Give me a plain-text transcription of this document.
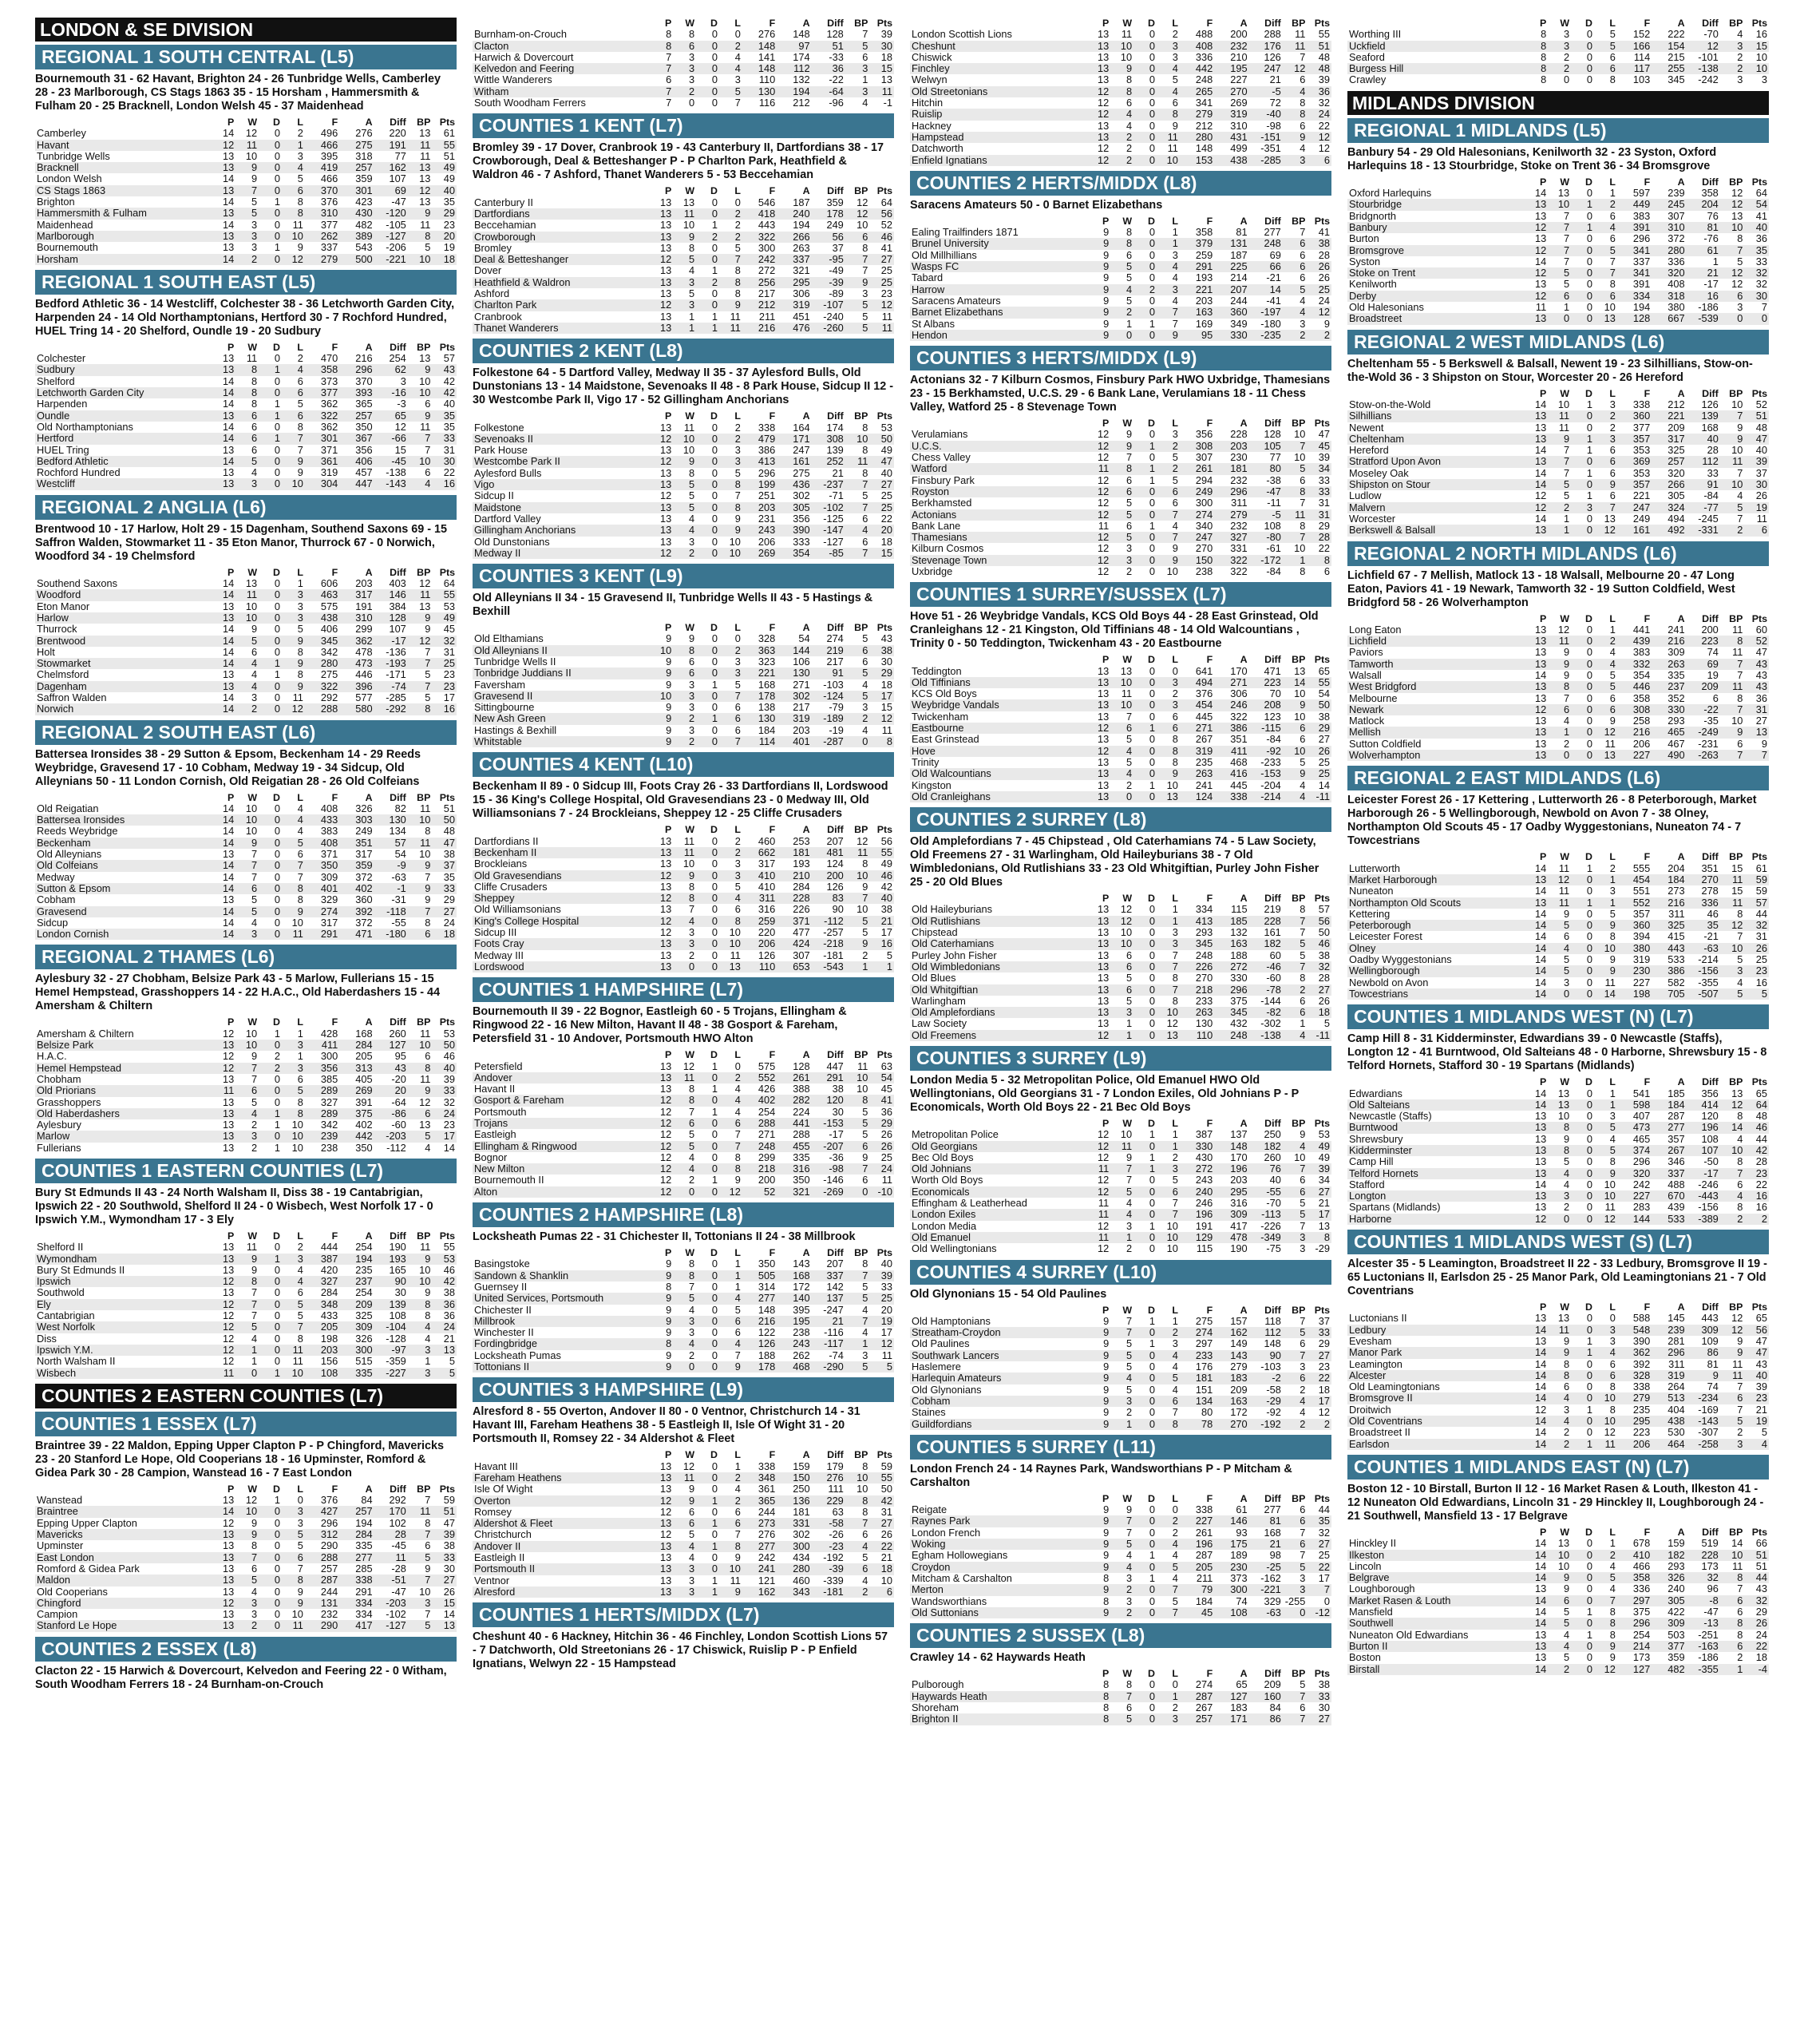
LONDON & SE DIVISION
REGIONAL 1 SOUTH CENTRAL (L5)
Bournemouth 31 - 62 Havant, Brighton 24 - 26 Tunbridge Wells, Camberley 28 - 23 Marlborough, CS Stags 1863 35 - 15 Horsham , Hammersmith & Fulham 20 - 25 Bracknell, London Welsh 45 - 37 Maidenhead
	P	W	D	L	F	A	Diff	BP	Pts
Camberley	14	12	0	2	496	276	220	13	61
Havant	12	11	0	1	466	275	191	11	55
Tunbridge Wells	13	10	0	3	395	318	77	11	51
Bracknell	13	9	0	4	419	257	162	13	49
London Welsh	14	9	0	5	466	359	107	13	49
CS Stags 1863	13	7	0	6	370	301	69	12	40
Brighton	14	5	1	8	376	423	-47	13	35
Hammersmith & Fulham	13	5	0	8	310	430	-120	9	29
Maidenhead	14	3	0	11	377	482	-105	11	23
Marlborough	13	3	0	10	262	389	-127	8	20
Bournemouth	13	3	1	9	337	543	-206	5	19
Horsham	14	2	0	12	279	500	-221	10	18
REGIONAL 1 SOUTH EAST (L5)
Bedford Athletic 36 - 14 Westcliff, Colchester 38 - 36 Letchworth Garden City, Harpenden 24 - 14 Old Northamptonians, Hertford 30 - 7 Rochford Hundred, HUEL Tring 14 - 20 Shelford, Oundle 19 - 20 Sudbury
	P	W	D	L	F	A	Diff	BP	Pts
Colchester	13	11	0	2	470	216	254	13	57
Sudbury	13	8	1	4	358	296	62	9	43
Shelford	14	8	0	6	373	370	3	10	42
Letchworth Garden City	14	8	0	6	377	393	-16	10	42
Harpenden	14	8	1	5	362	365	-3	6	40
Oundle	13	6	1	6	322	257	65	9	35
Old Northamptonians	14	6	0	8	362	350	12	11	35
Hertford	14	6	1	7	301	367	-66	7	33
HUEL Tring	13	6	0	7	371	356	15	7	31
Bedford Athletic	14	5	0	9	361	406	-45	10	30
Rochford Hundred	13	4	0	9	319	457	-138	6	22
Westcliff	13	3	0	10	304	447	-143	4	16
REGIONAL 2 ANGLIA (L6)
Brentwood 10 - 17 Harlow, Holt 29 - 15 Dagenham, Southend Saxons 69 - 15 Saffron Walden, Stowmarket 11 - 35 Eton Manor, Thurrock 67 - 0 Norwich, Woodford 34 - 19 Chelmsford
	P	W	D	L	F	A	Diff	BP	Pts
Southend Saxons	14	13	0	1	606	203	403	12	64
Woodford	14	11	0	3	463	317	146	11	55
Eton Manor	13	10	0	3	575	191	384	13	53
Harlow	13	10	0	3	438	310	128	9	49
Thurrock	14	9	0	5	406	299	107	9	45
Brentwood	14	5	0	9	345	362	-17	12	32
Holt	14	6	0	8	342	478	-136	7	31
Stowmarket	14	4	1	9	280	473	-193	7	25
Chelmsford	13	4	1	8	275	446	-171	5	23
Dagenham	13	4	0	9	322	396	-74	7	23
Saffron Walden	14	3	0	11	292	577	-285	5	17
Norwich	14	2	0	12	288	580	-292	8	16
REGIONAL 2 SOUTH EAST (L6)
Battersea Ironsides 38 - 29 Sutton & Epsom, Beckenham 14 - 29 Reeds Weybridge, Gravesend 17 - 10 Cobham, Medway 19 - 34 Sidcup, Old Alleynians 50 - 11 London Cornish, Old Reigatian 28 - 26 Old Colfeians
	P	W	D	L	F	A	Diff	BP	Pts
Old Reigatian	14	10	0	4	408	326	82	11	51
Battersea Ironsides	14	10	0	4	433	303	130	10	50
Reeds Weybridge	14	10	0	4	383	249	134	8	48
Beckenham	14	9	0	5	408	351	57	11	47
Old Alleynians	13	7	0	6	371	317	54	10	38
Old Colfeians	14	7	0	7	350	359	-9	9	37
Medway	14	7	0	7	309	372	-63	7	35
Sutton & Epsom	14	6	0	8	401	402	-1	9	33
Cobham	13	5	0	8	329	360	-31	9	29
Gravesend	14	5	0	9	274	392	-118	7	27
Sidcup	14	4	0	10	317	372	-55	8	24
London Cornish	14	3	0	11	291	471	-180	6	18
REGIONAL 2 THAMES (L6)
Aylesbury 32 - 27 Chobham, Belsize Park 43 - 5 Marlow, Fullerians 15 - 15 Hemel Hempstead, Grasshoppers 14 - 22 H.A.C., Old Haberdashers 15 - 44 Amersham & Chiltern
	P	W	D	L	F	A	Diff	BP	Pts
Amersham & Chiltern	12	10	1	1	428	168	260	11	53
Belsize Park	13	10	0	3	411	284	127	10	50
H.A.C.	12	9	2	1	300	205	95	6	46
Hemel Hempstead	12	7	2	3	356	313	43	8	40
Chobham	13	7	0	6	385	405	-20	11	39
Old Priorians	11	6	0	5	289	269	20	9	33
Grasshoppers	13	5	0	8	327	391	-64	12	32
Old Haberdashers	13	4	1	8	289	375	-86	6	24
Aylesbury	13	2	1	10	342	402	-60	13	23
Marlow	13	3	0	10	239	442	-203	5	17
Fullerians	13	2	1	10	238	350	-112	4	14
COUNTIES 1 EASTERN COUNTIES (L7)
Bury St Edmunds II 43 - 24 North Walsham II, Diss 38 - 19 Cantabrigian, Ipswich 22 - 20 Southwold, Shelford II 24 - 0 Wisbech, West Norfolk 17 - 0 Ipswich Y.M., Wymondham 17 - 3 Ely
	P	W	D	L	F	A	Diff	BP	Pts
Shelford II	13	11	0	2	444	254	190	11	55
Wymondham	13	9	1	3	387	194	193	9	53
Bury St Edmunds II	13	9	0	4	420	235	165	10	46
Ipswich	12	8	0	4	327	237	90	10	42
Southwold	13	7	0	6	284	254	30	9	38
Ely	12	7	0	5	348	209	139	8	36
Cantabrigian	12	7	0	5	433	325	108	8	36
West Norfolk	12	5	0	7	205	309	-104	4	24
Diss	12	4	0	8	198	326	-128	4	21
Ipswich Y.M.	12	1	0	11	203	300	-97	3	13
North Walsham II	12	1	0	11	156	515	-359	1	5
Wisbech	11	0	1	10	108	335	-227	3	5
COUNTIES 2 EASTERN COUNTIES (L7)
COUNTIES 1 ESSEX (L7)
Braintree 39 - 22 Maldon, Epping Upper Clapton P - P Chingford, Mavericks 23 - 20 Stanford Le Hope, Old Cooperians 18 - 16 Upminster, Romford & Gidea Park 30 - 28 Campion, Wanstead 16 - 7 East London
	P	W	D	L	F	A	Diff	BP	Pts
Wanstead	13	12	1	0	376	84	292	7	59
Braintree	14	10	0	3	427	257	170	11	51
Epping Upper Clapton	12	9	0	3	296	194	102	8	47
Mavericks	13	9	0	5	312	284	28	7	39
Upminster	13	8	0	5	290	335	-45	6	38
East London	13	7	0	6	288	277	11	5	33
Romford & Gidea Park	13	6	0	7	257	285	-28	9	30
Maldon	13	5	0	8	287	338	-51	7	27
Old Cooperians	13	4	0	9	244	291	-47	10	26
Chingford	12	3	0	9	131	334	-203	3	15
Campion	13	3	0	10	232	334	-102	7	14
Stanford Le Hope	13	2	0	11	290	417	-127	5	13
COUNTIES 2 ESSEX (L8)
Clacton 22 - 15 Harwich & Dovercourt, Kelvedon and Feering 22 - 0 Witham, South Woodham Ferrers 18 - 24 Burnham-on-Crouch
	P	W	D	L	F	A	Diff	BP	Pts
Burnham-on-Crouch	8	8	0	0	276	148	128	7	39
Clacton	8	6	0	2	148	97	51	5	30
Harwich & Dovercourt	7	3	0	4	141	174	-33	6	18
Kelvedon and Feering	7	3	0	4	148	112	36	3	15
Wittle Wanderers	6	3	0	3	110	132	-22	1	13
Witham	7	2	0	5	130	194	-64	3	11
South Woodham Ferrers	7	0	0	7	116	212	-96	4	-1
COUNTIES 1 KENT (L7)
Bromley 39 - 17 Dover, Cranbrook 19 - 43 Canterbury II, Dartfordians 38 - 17 Crowborough, Deal & Betteshanger P - P Charlton Park, Heathfield & Waldron 46 - 7 Ashford, Thanet Wanderers 5 - 53 Beccehamian
	P	W	D	L	F	A	Diff	BP	Pts
Canterbury II	13	13	0	0	546	187	359	12	64
Dartfordians	13	11	0	2	418	240	178	12	56
Beccehamian	13	10	1	2	443	194	249	10	52
Crowborough	13	9	2	2	322	266	56	6	46
Bromley	13	8	0	5	300	263	37	8	41
Deal & Betteshanger	12	5	0	7	242	337	-95	7	27
Dover	13	4	1	8	272	321	-49	7	25
Heathfield & Waldron	13	3	2	8	256	295	-39	9	25
Ashford	13	5	0	8	217	306	-89	3	23
Charlton Park	12	3	0	9	212	319	-107	5	12
Cranbrook	13	1	1	11	211	451	-240	5	11
Thanet Wanderers	13	1	1	11	216	476	-260	5	11
COUNTIES 2 KENT (L8)
Folkestone 64 - 5 Dartford Valley, Medway II 35 - 37 Aylesford Bulls, Old Dunstonians 13 - 14 Maidstone, Sevenoaks II 48 - 8 Park House, Sidcup II 12 - 30 Westcombe Park II, Vigo 17 - 52 Gillingham Anchorians
	P	W	D	L	F	A	Diff	BP	Pts
Folkestone	13	11	0	2	338	164	174	8	53
Sevenoaks II	12	10	0	2	479	171	308	10	50
Park House	13	10	0	3	386	247	139	8	49
Westcombe Park II	12	9	0	3	413	161	252	11	47
Aylesford Bulls	13	8	0	5	296	275	21	8	40
Vigo	13	5	0	8	199	436	-237	7	27
Sidcup II	12	5	0	7	251	302	-71	5	25
Maidstone	13	5	0	8	203	305	-102	7	25
Dartford Valley	13	4	0	9	231	356	-125	6	22
Gillingham Anchorians	13	4	0	9	243	390	-147	4	20
Old Dunstonians	13	3	0	10	206	333	-127	6	18
Medway II	12	2	0	10	269	354	-85	7	15
COUNTIES 3 KENT (L9)
Old Alleynians II 34 - 15 Gravesend II, Tunbridge Wells II 43 - 5 Hastings & Bexhill
	P	W	D	L	F	A	Diff	BP	Pts
Old Elthamians	9	9	0	0	328	54	274	5	43
Old Alleynians II	10	8	0	2	363	144	219	6	38
Tunbridge Wells II	9	6	0	3	323	106	217	6	30
Tonbridge Juddians II	9	6	0	3	221	130	91	5	29
Faversham	9	3	1	5	168	271	-103	4	18
Gravesend II	10	3	0	7	178	302	-124	5	17
Sittingbourne	9	3	0	6	138	217	-79	3	15
New Ash Green	9	2	1	6	130	319	-189	2	12
Hastings & Bexhill	9	3	0	6	184	203	-19	4	11
Whitstable	9	2	0	7	114	401	-287	0	8
COUNTIES 4 KENT (L10)
Beckenham II 89 - 0 Sidcup III, Foots Cray 26 - 33 Dartfordians II, Lordswood 15 - 36 King's College Hospital, Old Gravesendians 23 - 0 Medway III, Old Williamsonians 7 - 24 Brockleians, Sheppey 12 - 25 Cliffe Crusaders
	P	W	D	L	F	A	Diff	BP	Pts
Dartfordians II	13	11	0	2	460	253	207	12	56
Beckenham II	13	11	0	2	662	181	481	11	55
Brockleians	13	10	0	3	317	193	124	8	49
Old Gravesendians	12	9	0	3	410	210	200	10	46
Cliffe Crusaders	13	8	0	5	410	284	126	9	42
Sheppey	12	8	0	4	311	228	83	7	40
Old Williamsonians	13	7	0	6	316	226	90	10	38
King's College Hospital	12	4	0	8	259	371	-112	5	21
Sidcup III	12	3	0	10	220	477	-257	5	17
Foots Cray	13	3	0	10	206	424	-218	9	16
Medway III	13	2	0	11	126	307	-181	2	5
Lordswood	13	0	0	13	110	653	-543	1	1
COUNTIES 1 HAMPSHIRE (L7)
Bournemouth II 39 - 22 Bognor, Eastleigh 60 - 5 Trojans, Ellingham & Ringwood 22 - 16 New Milton, Havant II 48 - 38 Gosport & Fareham, Petersfield 31 - 10 Andover, Portsmouth HWO Alton
	P	W	D	L	F	A	Diff	BP	Pts
Petersfield	13	12	1	0	575	128	447	11	63
Andover	13	11	0	2	552	261	291	10	54
Havant II	13	8	1	4	426	388	38	10	45
Gosport & Fareham	12	8	0	4	402	282	120	8	41
Portsmouth	12	7	1	4	254	224	30	5	36
Trojans	12	6	0	6	288	441	-153	5	29
Eastleigh	12	5	0	7	271	288	-17	5	26
Ellingham & Ringwood	12	5	0	7	248	455	-207	6	26
Bognor	12	4	0	8	299	335	-36	9	25
New Milton	12	4	0	8	218	316	-98	7	24
Bournemouth II	12	2	1	9	200	350	-146	6	11
Alton	12	0	0	12	52	321	-269	0	-10
COUNTIES 2 HAMPSHIRE (L8)
Locksheath Pumas 22 - 31 Chichester II, Tottonians II 24 - 38 Millbrook
	P	W	D	L	F	A	Diff	BP	Pts
Basingstoke	9	8	0	1	350	143	207	8	40
Sandown & Shanklin	9	8	0	1	505	168	337	7	39
Guernsey II	8	7	0	1	314	172	142	5	33
United Services, Portsmouth	9	5	0	4	277	140	137	5	25
Chichester II	9	4	0	5	148	395	-247	4	20
Millbrook	9	3	0	6	216	195	21	7	19
Winchester II	9	3	0	6	122	238	-116	4	17
Fordingbridge	8	4	0	4	126	243	-117	1	12
Locksheath Pumas	9	2	0	7	188	262	-74	3	11
Tottonians II	9	0	0	9	178	468	-290	5	5
COUNTIES 3 HAMPSHIRE (L9)
Alresford 8 - 55 Overton, Andover II 80 - 0 Ventnor, Christchurch 14 - 31 Havant III, Fareham Heathens 38 - 5 Eastleigh II, Isle Of Wight 31 - 20 Portsmouth II, Romsey 22 - 34 Aldershot & Fleet
	P	W	D	L	F	A	Diff	BP	Pts
Havant III	13	12	0	1	338	159	179	8	59
Fareham Heathens	13	11	0	2	348	150	276	10	55
Isle Of Wight	13	9	0	4	361	250	111	10	50
Overton	12	9	1	2	365	136	229	8	42
Romsey	12	6	0	6	244	181	63	8	31
Aldershot & Fleet	13	6	1	6	273	331	-58	7	27
Christchurch	12	5	0	7	276	302	-26	6	26
Andover II	13	4	1	8	277	300	-23	4	22
Eastleigh II	13	4	0	9	242	434	-192	5	21
Portsmouth II	13	3	0	10	241	280	-39	6	18
Ventnor	13	3	1	11	121	460	-339	4	10
Alresford	13	3	1	9	162	343	-181	2	6
COUNTIES 1 HERTS/MIDDX (L7)
Cheshunt 40 - 6 Hackney, Hitchin 36 - 46 Finchley, London Scottish Lions 57 - 7 Datchworth, Old Streetonians 26 - 17 Chiswick, Ruislip P - P Enfield Ignatians, Welwyn 22 - 15 Hampstead
	P	W	D	L	F	A	Diff	BP	Pts
London Scottish Lions	13	11	0	2	488	200	288	11	55
Cheshunt	13	10	0	3	408	232	176	11	51
Chiswick	13	10	0	3	336	210	126	7	48
Finchley	13	9	0	4	442	195	247	12	48
Welwyn	13	8	0	5	248	227	21	6	39
Old Streetonians	12	8	0	4	265	270	-5	4	36
Hitchin	12	6	0	6	341	269	72	8	32
Ruislip	12	4	0	8	279	319	-40	8	24
Hackney	13	4	0	9	212	310	-98	6	22
Hampstead	13	2	0	11	280	431	-151	9	12
Datchworth	12	2	0	11	148	499	-351	4	12
Enfield Ignatians	12	2	0	10	153	438	-285	3	6
COUNTIES 2 HERTS/MIDDX (L8)
Saracens Amateurs 50 - 0 Barnet Elizabethans
	P	W	D	L	F	A	Diff	BP	Pts
Ealing Trailfinders 1871	9	8	0	1	358	81	277	7	41
Brunel University	9	8	0	1	379	131	248	6	38
Old Millhillians	9	6	0	3	259	187	69	6	28
Wasps FC	9	5	0	4	291	225	66	6	26
Tabard	9	5	0	4	193	214	-21	6	26
Harrow	9	4	2	3	221	207	14	5	25
Saracens Amateurs	9	5	0	4	203	244	-41	4	24
Barnet Elizabethans	9	2	0	7	163	360	-197	4	12
St Albans	9	1	1	7	169	349	-180	3	9
Hendon	9	0	0	9	95	330	-235	2	2
COUNTIES 3 HERTS/MIDDX (L9)
Actonians 32 - 7 Kilburn Cosmos, Finsbury Park HWO Uxbridge, Thamesians 23 - 15 Berkhamsted, U.C.S. 29 - 6 Bank Lane, Verulamians 18 - 11 Chess Valley, Watford 25 - 8 Stevenage Town
	P	W	D	L	F	A	Diff	BP	Pts
Verulamians	12	9	0	3	356	228	128	10	47
U.C.S.	12	9	1	2	308	203	105	7	45
Chess Valley	12	7	0	5	307	230	77	10	39
Watford	11	8	1	2	261	181	80	5	34
Finsbury Park	12	6	1	5	294	232	-38	6	33
Royston	12	6	0	6	249	296	-47	8	33
Berkhamsted	12	5	0	6	300	311	-11	7	31
Actonians	12	5	0	7	274	279	-5	11	31
Bank Lane	11	6	1	4	340	232	108	8	29
Thamesians	12	5	0	7	247	327	-80	7	28
Kilburn Cosmos	12	3	0	9	270	331	-61	10	22
Stevenage Town	12	3	0	9	150	322	-172	1	8
Uxbridge	12	2	0	10	238	322	-84	8	6
COUNTIES 1 SURREY/SUSSEX (L7)
Hove 51 - 26 Weybridge Vandals, KCS Old Boys 44 - 28 East Grinstead, Old Cranleighans 12 - 21 Kingston, Old Tiffinians 48 - 14 Old Walcountians , Trinity 0 - 50 Teddington, Twickenham 43 - 20 Eastbourne
	P	W	D	L	F	A	Diff	BP	Pts
Teddington	13	13	0	0	641	170	471	13	65
Old Tiffinians	13	10	0	3	494	271	223	14	55
KCS Old Boys	13	11	0	2	376	306	70	10	54
Weybridge Vandals	13	10	0	3	454	246	208	9	50
Twickenham	13	7	0	6	445	322	123	10	38
Eastbourne	12	6	1	6	271	386	-115	6	29
East Grinstead	13	5	0	8	267	351	-84	6	27
Hove	12	4	0	8	319	411	-92	10	26
Trinity	13	5	0	8	235	468	-233	5	25
Old Walcountians	13	4	0	9	263	416	-153	9	25
Kingston	13	2	1	10	241	445	-204	4	14
Old Cranleighans	13	0	0	13	124	338	-214	4	-11
COUNTIES 2 SURREY (L8)
Old Amplefordians 7 - 45 Chipstead , Old Caterhamians 74 - 5 Law Society, Old Freemens 27 - 31 Warlingham, Old Haileyburians 38 - 7 Old Wimbledonians, Old Rutlishians 33 - 23 Old Whitgiftian, Purley John Fisher 25 - 20 Old Blues
	P	W	D	L	F	A	Diff	BP	Pts
Old Haileyburians	13	12	0	1	334	115	219	8	57
Old Rutlishians	13	12	0	1	413	185	228	7	56
Chipstead	13	10	0	3	293	132	161	7	50
Old Caterhamians	13	10	0	3	345	163	182	5	46
Purley John Fisher	13	6	0	7	248	188	60	5	38
Old Wimbledonians	13	6	0	7	226	272	-46	7	32
Old Blues	13	5	0	8	270	330	-60	8	28
Old Whitgiftian	13	6	0	7	218	296	-78	2	27
Warlingham	13	5	0	8	233	375	-144	6	26
Old Amplefordians	13	3	0	10	263	345	-82	6	18
Law Society	13	1	0	12	130	432	-302	1	5
Old Freemens	12	1	0	13	110	248	-138	4	-11
COUNTIES 3 SURREY (L9)
London Media 5 - 32 Metropolitan Police, Old Emanuel HWO Old Wellingtonians, Old Georgians 31 - 7 London Exiles, Old Johnians P - P Economicals, Worth Old Boys 22 - 21 Bec Old Boys
	P	W	D	L	F	A	Diff	BP	Pts
Metropolitan Police	12	10	1	1	387	137	250	9	53
Old Georgians	12	11	0	1	330	148	182	4	49
Bec Old Boys	12	9	1	2	430	170	260	10	49
Old Johnians	11	7	1	3	272	196	76	7	39
Worth Old Boys	12	7	0	5	243	203	40	6	34
Economicals	12	5	0	6	240	295	-55	6	27
Effingham & Leatherhead	11	4	0	7	246	316	-70	5	21
London Exiles	11	4	0	7	196	309	-113	5	17
London Media	12	3	1	10	191	417	-226	7	13
Old Emanuel	11	1	0	10	129	478	-349	3	8
Old Wellingtonians	12	2	0	10	115	190	-75	3	-29
COUNTIES 4 SURREY (L10)
Old Glynonians 15 - 54 Old Paulines
	P	W	D	L	F	A	Diff	BP	Pts
Old Hamptonians	9	7	1	1	275	157	118	7	37
Streatham-Croydon	9	7	0	2	274	162	112	5	33
Old Paulines	9	5	1	3	297	149	148	6	29
Southwark Lancers	9	5	0	4	233	143	90	7	27
Haslemere	9	5	0	4	176	279	-103	3	23
Harlequin Amateurs	9	4	0	5	181	183	-2	6	22
Old Glynonians	9	5	0	4	151	209	-58	2	18
Cobham	9	3	0	6	134	163	-29	4	17
Staines	9	2	0	7	80	172	-92	4	12
Guildfordians	9	1	0	8	78	270	-192	2	2
COUNTIES 5 SURREY (L11)
London French 24 - 14 Raynes Park, Wandsworthians P - P Mitcham & Carshalton
	P	W	D	L	F	A	Diff	BP	Pts
Reigate	9	9	0	0	338	61	277	6	44
Raynes Park	9	7	0	2	227	146	81	6	35
London French	9	7	0	2	261	93	168	7	32
Woking	9	5	0	4	196	175	21	6	27
Egham Hollowegians	9	4	1	4	287	189	98	7	25
Croydon	9	4	0	5	205	230	-25	5	22
Mitcham & Carshalton	8	3	1	4	211	373	-162	3	17
Merton	9	2	0	7	79	300	-221	3	7
Wandsworthians	8	3	0	5	184	74	329	-255	0
Old Suttonians	9	2	0	7	45	108	-63	0	-12
COUNTIES 2 SUSSEX (L8)
Crawley 14 - 62 Haywards Heath
	P	W	D	L	F	A	Diff	BP	Pts
Pulborough	8	8	0	0	274	65	209	5	38
Haywards Heath	8	7	0	1	287	127	160	7	33
Shoreham	8	6	0	2	267	183	84	6	30
Brighton II	8	5	0	3	257	171	86	7	27
	P	W	D	L	F	A	Diff	BP	Pts
Worthing III	8	3	0	5	152	222	-70	4	16
Uckfield	8	3	0	5	166	154	12	3	15
Seaford	8	2	0	6	114	215	-101	2	10
Burgess Hill	8	2	0	6	117	255	-138	2	10
Crawley	8	0	0	8	103	345	-242	3	3
MIDLANDS DIVISION
REGIONAL 1 MIDLANDS (L5)
Banbury 54 - 29 Old Halesonians, Kenilworth 32 - 23 Syston, Oxford Harlequins 18 - 13 Stourbridge, Stoke on Trent 36 - 34 Bromsgrove
	P	W	D	L	F	A	Diff	BP	Pts
Oxford Harlequins	14	13	0	1	597	239	358	12	64
Stourbridge	13	10	1	2	449	245	204	12	54
Bridgnorth	13	7	0	6	383	307	76	13	41
Banbury	12	7	1	4	391	310	81	10	40
Burton	13	7	0	6	296	372	-76	8	36
Bromsgrove	12	7	0	5	341	280	61	7	35
Syston	14	7	0	7	337	336	1	5	33
Stoke on Trent	12	5	0	7	341	320	21	12	32
Kenilworth	13	5	0	8	391	408	-17	12	32
Derby	12	6	0	6	334	318	16	6	30
Old Halesonians	11	1	0	10	194	380	-186	3	7
Broadstreet	13	0	0	13	128	667	-539	0	0
REGIONAL 2 WEST MIDLANDS (L6)
Cheltenham 55 - 5 Berkswell & Balsall, Newent 19 - 23 Silhillians, Stow-on-the-Wold 36 - 3 Shipston on Stour, Worcester 20 - 26 Hereford
	P	W	D	L	F	A	Diff	BP	Pts
Stow-on-the-Wold	14	10	1	3	338	212	126	10	52
Silhillians	13	11	0	2	360	221	139	7	51
Newent	13	11	0	2	377	209	168	9	48
Cheltenham	13	9	1	3	357	317	40	9	47
Hereford	14	7	1	6	353	325	28	10	40
Stratford Upon Avon	13	7	0	6	369	257	112	11	39
Moseley Oak	14	7	1	6	353	320	33	7	37
Shipston on Stour	14	5	0	9	357	266	91	10	30
Ludlow	12	5	1	6	221	305	-84	4	26
Malvern	12	2	3	7	247	324	-77	5	19
Worcester	14	1	0	13	249	494	-245	7	11
Berkswell & Balsall	13	1	0	12	161	492	-331	2	6
REGIONAL 2 NORTH MIDLANDS (L6)
Lichfield 67 - 7 Mellish, Matlock 13 - 18 Walsall, Melbourne 20 - 47 Long Eaton, Paviors 41 - 19 Newark, Tamworth 32 - 19 Sutton Coldfield, West Bridgford 58 - 26 Wolverhampton
	P	W	D	L	F	A	Diff	BP	Pts
Long Eaton	13	12	0	1	441	241	200	11	60
Lichfield	13	11	0	2	439	216	223	8	52
Paviors	13	9	0	4	383	309	74	11	47
Tamworth	13	9	0	4	332	263	69	7	43
Walsall	14	9	0	5	354	335	19	7	43
West Bridgford	13	8	0	5	446	237	209	11	43
Melbourne	13	7	0	6	358	352	6	8	36
Newark	12	6	0	6	308	330	-22	7	31
Matlock	13	4	0	9	258	293	-35	10	27
Mellish	13	1	0	12	216	465	-249	9	13
Sutton Coldfield	13	2	0	11	206	467	-231	6	9
Wolverhampton	13	0	0	13	227	490	-263	7	7
REGIONAL 2 EAST MIDLANDS (L6)
Leicester Forest 26 - 17 Kettering , Lutterworth 26 - 8 Peterborough, Market Harborough 26 - 5 Wellingborough, Newbold on Avon 7 - 38 Olney, Northampton Old Scouts 45 - 17 Oadby Wyggestonians, Nuneaton 74 - 7 Towcestrians
	P	W	D	L	F	A	Diff	BP	Pts
Lutterworth	14	11	1	2	555	204	351	15	61
Market Harborough	13	12	0	1	454	184	270	11	59
Nuneaton	14	11	0	3	551	273	278	15	59
Northampton Old Scouts	13	11	1	1	552	216	336	11	57
Kettering	14	9	0	5	357	311	46	8	44
Peterborough	14	5	0	9	360	325	35	12	32
Leicester Forest	14	6	0	8	394	415	-21	7	31
Olney	14	4	0	10	380	443	-63	10	26
Oadby Wyggestonians	14	5	0	9	319	533	-214	5	25
Wellingborough	14	5	0	9	230	386	-156	3	23
Newbold on Avon	14	3	0	11	227	582	-355	4	16
Towcestrians	14	0	0	14	198	705	-507	5	5
COUNTIES 1 MIDLANDS WEST (N) (L7)
Camp Hill 8 - 31 Kidderminster, Edwardians 39 - 0 Newcastle (Staffs), Longton 12 - 41 Burntwood, Old Salteians 48 - 0 Harborne, Shrewsbury 15 - 8 Telford Hornets, Stafford 30 - 19 Spartans (Midlands)
	P	W	D	L	F	A	Diff	BP	Pts
Edwardians	14	13	0	1	541	185	356	13	65
Old Salteians	14	13	0	1	598	184	414	12	64
Newcastle (Staffs)	13	10	0	3	407	287	120	8	48
Burntwood	13	8	0	5	473	277	196	14	46
Shrewsbury	13	9	0	4	465	357	108	4	44
Kidderminster	13	8	0	5	374	267	107	10	42
Camp Hill	13	5	0	8	296	346	-50	8	28
Telford Hornets	13	4	0	9	320	337	-17	7	23
Stafford	14	4	0	10	242	488	-246	6	22
Longton	13	3	0	10	227	670	-443	4	16
Spartans (Midlands)	13	2	0	11	283	439	-156	8	16
Harborne	12	0	0	12	144	533	-389	2	2
COUNTIES 1 MIDLANDS WEST (S) (L7)
Alcester 35 - 5 Leamington, Broadstreet II 22 - 33 Ledbury, Bromsgrove II 19 - 65 Luctonians II, Earlsdon 25 - 25 Manor Park, Old Leamingtonians 21 - 7 Old Coventrians
	P	W	D	L	F	A	Diff	BP	Pts
Luctonians II	13	13	0	0	588	145	443	12	65
Ledbury	14	11	0	3	548	239	309	12	56
Evesham	13	9	1	3	390	281	109	9	47
Manor Park	14	9	1	4	362	296	86	9	47
Leamington	14	8	0	6	392	311	81	11	43
Alcester	14	8	0	6	328	319	9	11	40
Old Leamingtonians	14	6	0	8	338	264	74	7	39
Bromsgrove II	14	4	0	10	279	513	-234	6	23
Droitwich	12	3	1	8	235	404	-169	7	21
Old Coventrians	14	4	0	10	295	438	-143	5	19
Broadstreet II	14	2	0	12	223	530	-307	2	5
Earlsdon	14	2	1	11	206	464	-258	3	4
COUNTIES 1 MIDLANDS EAST (N) (L7)
Boston 12 - 10 Birstall, Burton II 12 - 16 Market Rasen & Louth, Ilkeston 41 - 12 Nuneaton Old Edwardians, Lincoln 31 - 29 Hinckley II, Loughborough 24 - 21 Southwell, Mansfield 13 - 17 Belgrave
	P	W	D	L	F	A	Diff	BP	Pts
Hinckley II	14	13	0	1	678	159	519	14	66
Ilkeston	14	10	0	2	410	182	228	10	51
Lincoln	14	10	0	4	466	293	173	11	51
Belgrave	14	9	0	5	358	326	32	8	44
Loughborough	13	9	0	4	336	240	96	7	43
Market Rasen & Louth	14	6	0	7	297	305	-8	6	32
Mansfield	14	5	1	8	375	422	-47	6	29
Southwell	14	5	0	8	296	309	-13	8	26
Nuneaton Old Edwardians	13	4	1	8	254	503	-251	8	24
Burton II	13	4	0	9	214	377	-163	6	22
Boston	13	5	0	9	173	359	-186	2	18
Birstall	14	2	0	12	127	482	-355	1	-4
